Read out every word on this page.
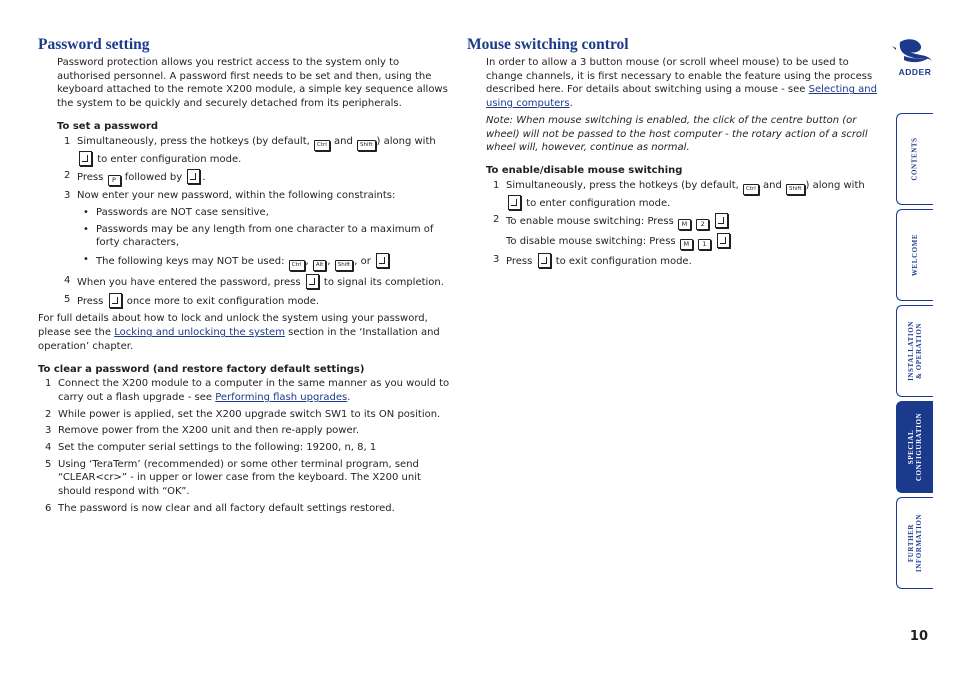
Password setting

Password protection allows you restrict access to the system only to authorised personnel. A password first needs to be set and then, using the keyboard attached to the remote X200 module, a simple key sequence allows the system to be quickly and securely detached from its peripherals.

To set a password

1 Simultaneously, press the hotkeys (by default, Ctrl and Shift ) along with  to enter configuration mode.
2 Press P followed by .
3 Now enter your new password, within the following constraints:
• Passwords are NOT case sensitive,
• Passwords may be any length from one character to a maximum of forty characters,
• The following keys may NOT be used: Ctrl , Alt , Shift , or
4 When you have entered the password, press to signal its completion.
5 Press once more to exit configuration mode.

For full details about how to lock and unlock the system using your password, please see the Locking and unlocking the system section in the ‘Installation and operation’ chapter.

To clear a password (and restore factory default settings)

1 Connect the X200 module to a computer in the same manner as you would to carry out a flash upgrade - see Performing flash upgrades.
2 While power is applied, set the X200 upgrade switch SW1 to its ON position.
3 Remove power from the X200 unit and then re-apply power.
4 Set the computer serial settings to the following: 19200, n, 8, 1
5 Using ‘TeraTerm’ (recommended) or some other terminal program, send “CLEAR<cr>” - in upper or lower case from the keyboard. The X200 unit should respond with “OK”.
6 The password is now clear and all factory default settings restored.
Mouse switching control

In order to allow a 3 button mouse (or scroll wheel mouse) to be used to change channels, it is first necessary to enable the feature using the process described here. For details about switching using a mouse - see Selecting and using computers.

Note: When mouse switching is enabled, the click of the centre button (or wheel) will not be passed to the host computer - the rotary action of a scroll wheel will, however, continue as normal.

To enable/disable mouse switching

1 Simultaneously, press the hotkeys (by default, Ctrl and Shift ) along with  to enter configuration mode.
2 To enable mouse switching: Press M 2
To disable mouse switching: Press M 1
3 Press to exit configuration mode.
ADDER
CONTENTS
WELCOME
INSTALLATION
& OPERATION
SPECIAL
CONFIGURATION
FURTHER
INFORMATION
10
